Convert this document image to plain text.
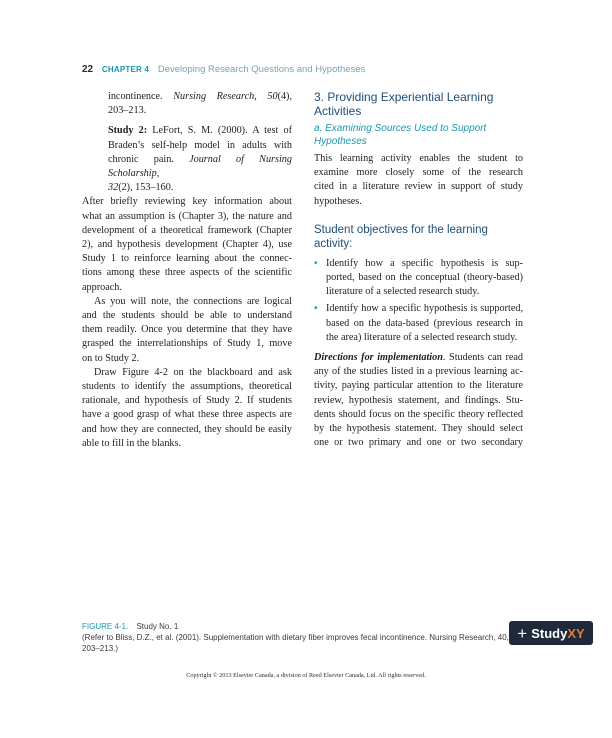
22 CHAPTER 4 Developing Research Questions and Hypotheses
incontinence. Nursing Research, 50(4),
203–213.
Study 2: LeFort, S. M. (2000). A test of
Braden’s self-help model in adults with
chronic pain. Journal of Nursing Scholarship,
32(2), 153–160.
After briefly reviewing key information about
what an assumption is (Chapter 3), the nature and
development of a theoretical framework (Chapter
2), and hypothesis development (Chapter 4), use
Study 1 to reinforce learning about the connec-
tions among these three aspects of the scientific
approach.
As you will note, the connections are logical
and the students should be able to understand
them readily. Once you determine that they have
grasped the interrelationships of Study 1, move
on to Study 2.
Draw Figure 4-2 on the blackboard and ask
students to identify the assumptions, theoretical
rationale, and hypothesis of Study 2. If students
have a good grasp of what these three aspects are
and how they are connected, they should be easily
able to fill in the blanks.
3. Providing Experiential Learning
Activities
a. Examining Sources Used to Support
Hypotheses
This learning activity enables the student to
examine more closely some of the research
cited in a literature review in support of study
hypotheses.
Student objectives for the learning activity:
• Identify how a specific hypothesis is sup-
ported, based on the conceptual (theory-based)
literature of a selected research study.
• Identify how a specific hypothesis is supported,
based on the data-based (previous research in
the area) literature of a selected research study.
Directions for implementation. Students can read
any of the studies listed in a previous learning ac-
tivity, paying particular attention to the literature
review, hypothesis statement, and findings. Stu-
dents should focus on the specific theory reflected
by the hypothesis statement. They should select
one or two primary and one or two secondary
FIGURE 4-1. Study No. 1
(Refer to Bliss, D.Z., et al. (2001). Supplementation with dietary fiber improves fecal incontinence. Nursing Research, 40,
203–213.)
+ Study XY
Copyright © 2013 Elsevier Canada, a division of Reed Elsevier Canada, Ltd. All rights reserved.
